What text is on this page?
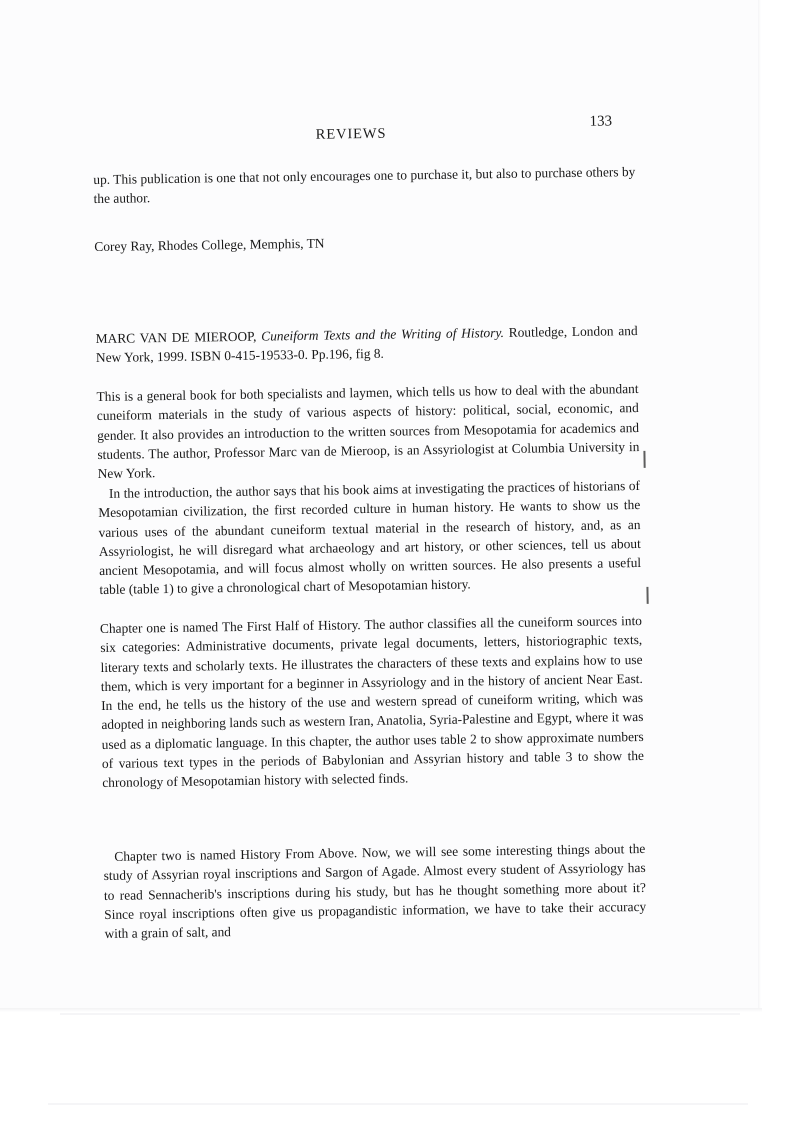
REVIEWS
133
up. This publication is one that not only encourages one to purchase it, but also to purchase others by the author.
Corey Ray, Rhodes College, Memphis, TN
MARC VAN DE MIEROOP, Cuneiform Texts and the Writing of History. Routledge, London and New York, 1999. ISBN 0-415-19533-0. Pp.196, fig 8.
This is a general book for both specialists and laymen, which tells us how to deal with the abundant cuneiform materials in the study of various aspects of history: political, social, economic, and gender. It also provides an introduction to the written sources from Mesopotamia for academics and students. The author, Professor Marc van de Mieroop, is an Assyriologist at Columbia University in New York.
In the introduction, the author says that his book aims at investigating the practices of historians of Mesopotamian civilization, the first recorded culture in human history. He wants to show us the various uses of the abundant cuneiform textual material in the research of history, and, as an Assyriologist, he will disregard what archaeology and art history, or other sciences, tell us about ancient Mesopotamia, and will focus almost wholly on written sources. He also presents a useful table (table 1) to give a chronological chart of Mesopotamian history.
Chapter one is named The First Half of History. The author classifies all the cuneiform sources into six categories: Administrative documents, private legal documents, letters, historiographic texts, literary texts and scholarly texts. He illustrates the characters of these texts and explains how to use them, which is very important for a beginner in Assyriology and in the history of ancient Near East. In the end, he tells us the history of the use and western spread of cuneiform writing, which was adopted in neighboring lands such as western Iran, Anatolia, Syria-Palestine and Egypt, where it was used as a diplomatic language. In this chapter, the author uses table 2 to show approximate numbers of various text types in the periods of Babylonian and Assyrian history and table 3 to show the chronology of Mesopotamian history with selected finds.
Chapter two is named History From Above. Now, we will see some interesting things about the study of Assyrian royal inscriptions and Sargon of Agade. Almost every student of Assyriology has to read Sennacherib's inscriptions during his study, but has he thought something more about it? Since royal inscriptions often give us propagandistic information, we have to take their accuracy with a grain of salt, and
